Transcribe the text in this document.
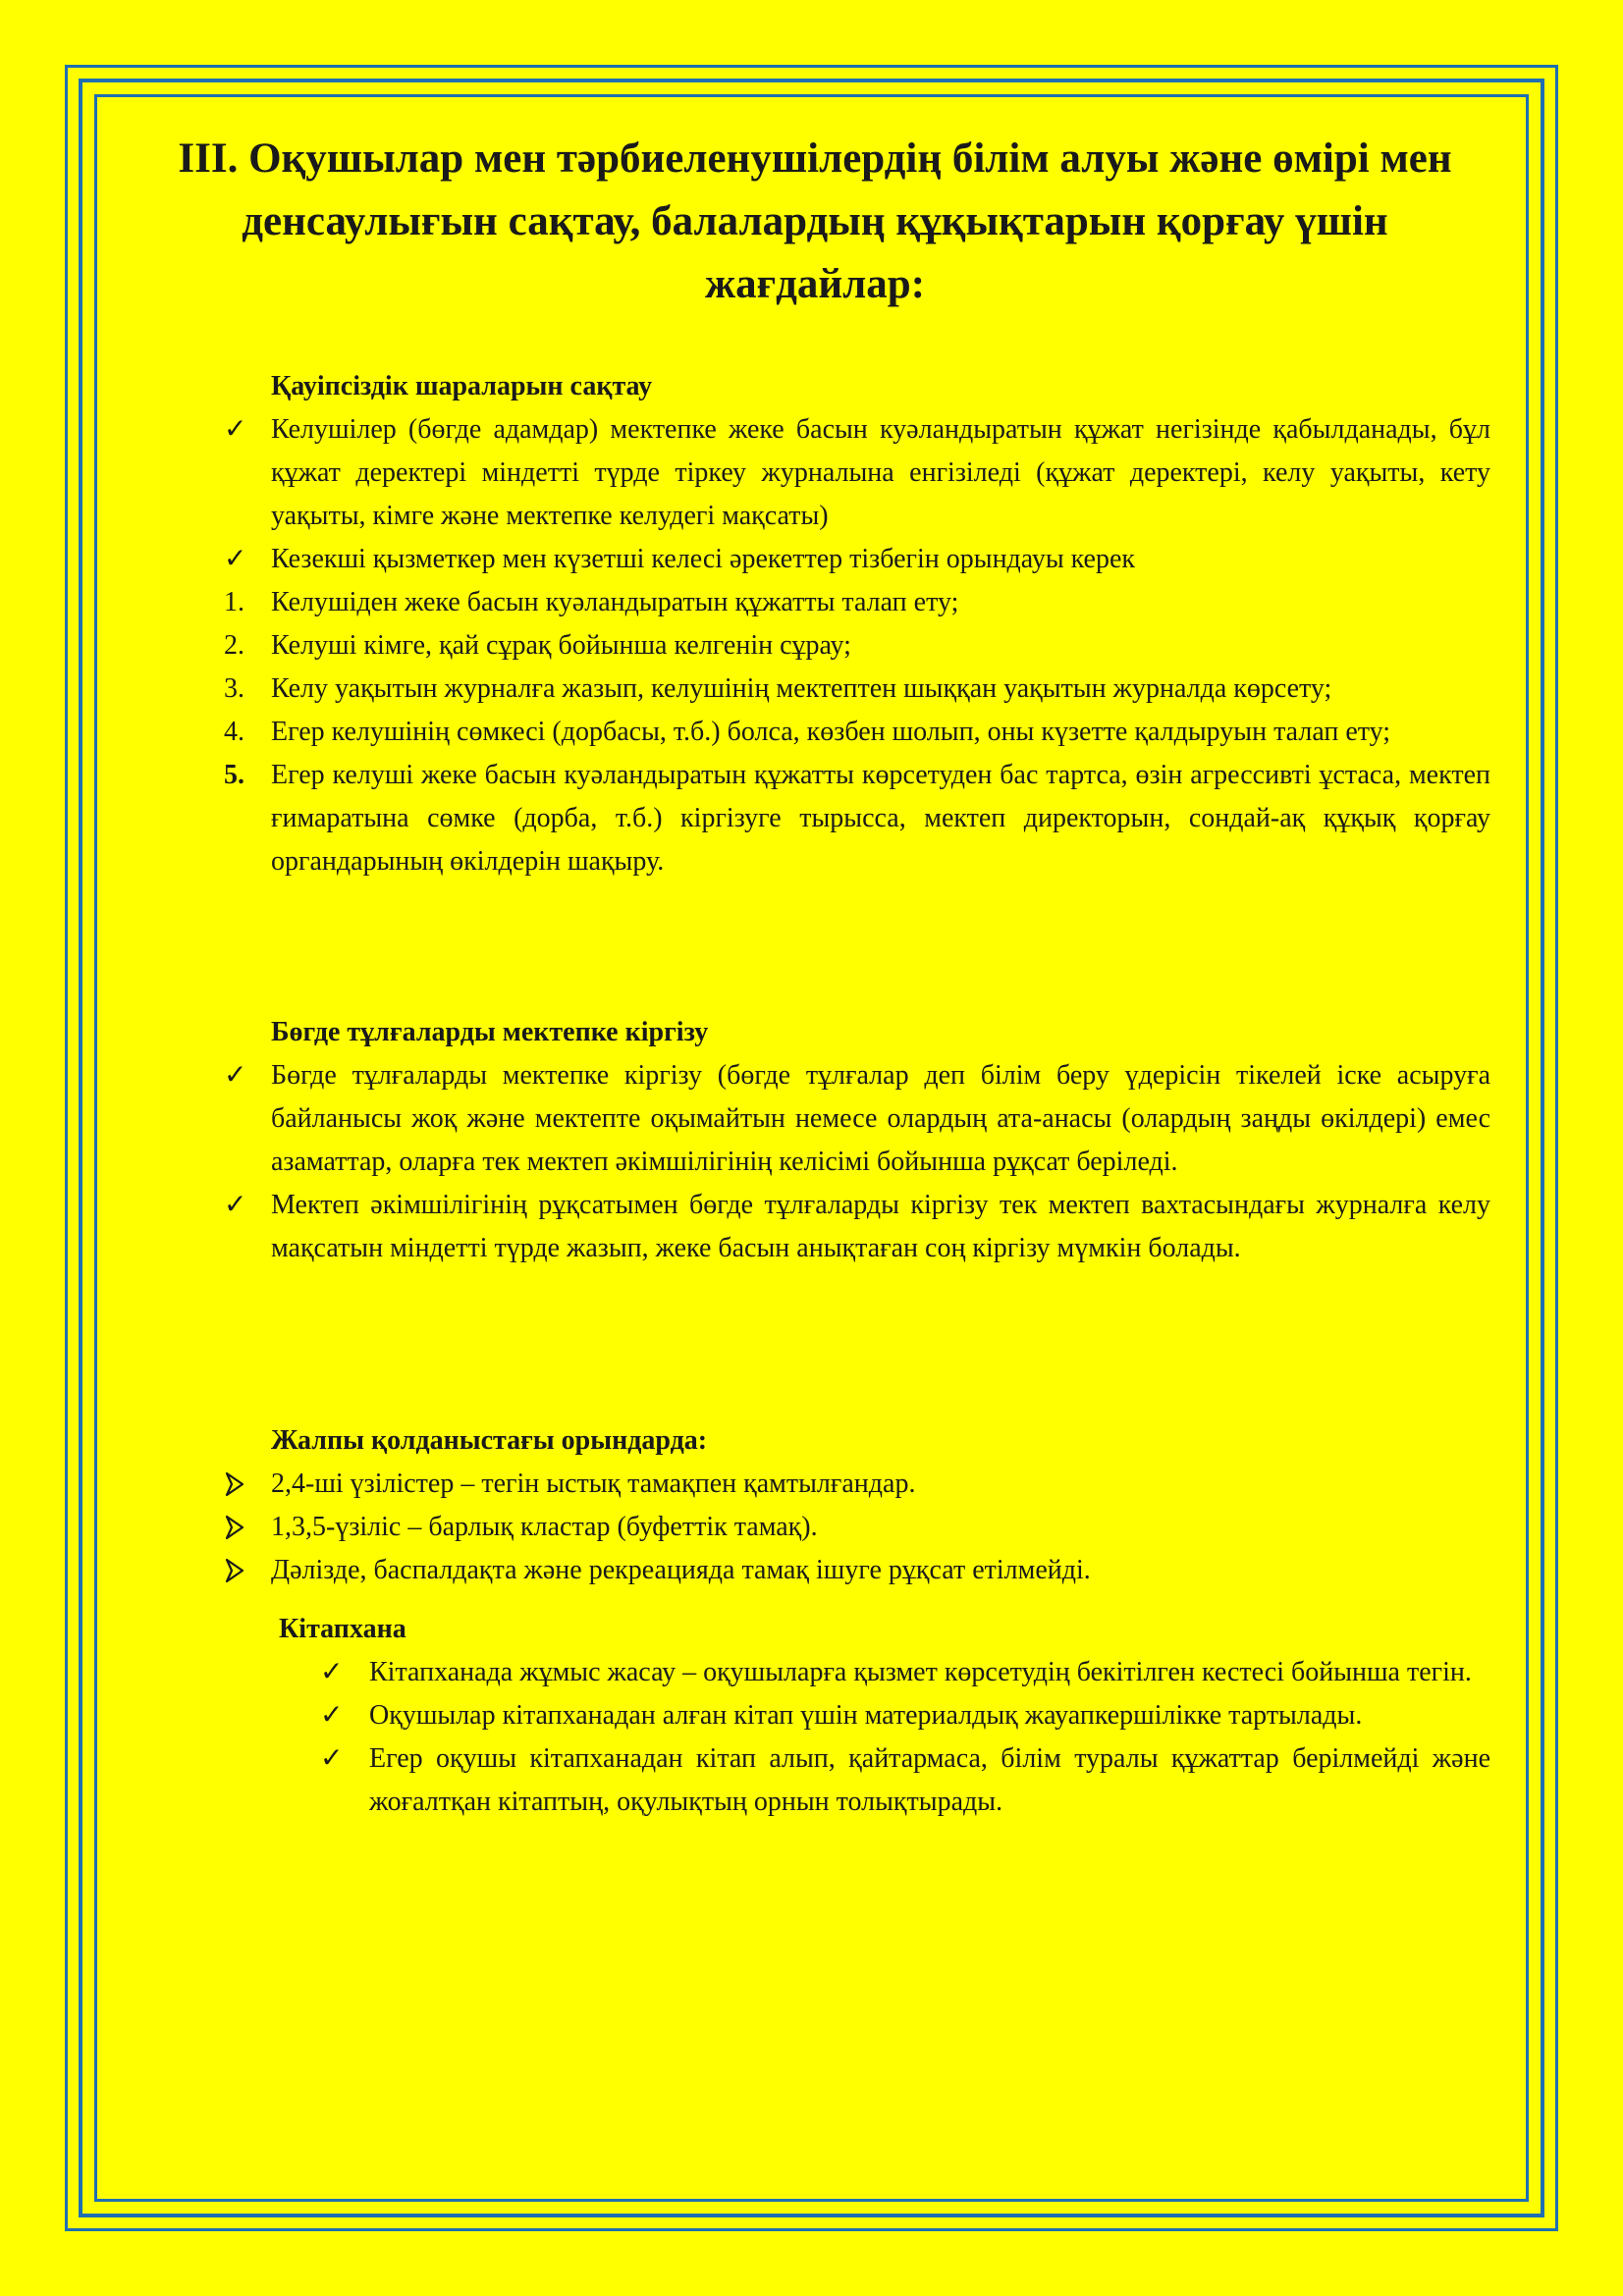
III. Оқушылар мен тәрбиеленушілердің білім алуы және өмірі мен денсаулығын сақтау, балалардың құқықтарын қорғау үшін жағдайлар:

Қауіпсіздік шараларын сақтау

✓ Келушілер (бөгде адамдар) мектепке жеке басын куәландыратын құжат негізінде қабылданады, бұл құжат деректері міндетті түрде тіркеу журналына енгізіледі (құжат деректері, келу уақыты, кету уақыты, кімге және мектепке келудегі мақсаты)

✓ Кезекші қызметкер мен күзетші келесі әрекеттер тізбегін орындауы керек

1. Келушіден жеке басын куәландыратын құжатты талап ету;

2. Келуші кімге, қай сұрақ бойынша келгенін сұрау;

3. Келу уақытын журналға жазып, келушінің мектептен шыққан уақытын журналда көрсету;

4. Егер келушінің сөмкесі (дорбасы, т.б.) болса, көзбен шолып, оны күзетте қалдыруын талап ету;

5. Егер келуші жеке басын куәландыратын құжатты көрсетуден бас тартса, өзін агрессивті ұстаса, мектеп ғимаратына сөмке (дорба, т.б.) кіргізуге тырысса, мектеп директорын, сондай-ақ құқық қорғау органдарының өкілдерін шақыру.

Бөгде тұлғаларды мектепке кіргізу

✓ Бөгде тұлғаларды мектепке кіргізу (бөгде тұлғалар деп білім беру үдерісін тікелей іске асыруға байланысы жоқ және мектепте оқымайтын немесе олардың ата-анасы (олардың заңды өкілдері) емес азаматтар, оларға тек мектеп әкімшілігінің келісімі бойынша рұқсат беріледі.

✓ Мектеп әкімшілігінің рұқсатымен бөгде тұлғаларды кіргізу тек мектеп вахтасындағы журналға келу мақсатын міндетті түрде жазып, жеке басын анықтаған соң кіргізу мүмкін болады.

Жалпы қолданыстағы орындарда:

2,4-ші үзілістер – тегін ыстық тамақпен қамтылғандар.

1,3,5-үзіліс – барлық кластар (буфеттік тамақ).

Дәлізде, баспалдақта және рекреацияда тамақ ішуге рұқсат етілмейді.

Кітапхана

✓ Кітапханада жұмыс жасау – оқушыларға қызмет көрсетудің бекітілген кестесі бойынша тегін.

✓ Оқушылар кітапханадан алған кітап үшін материалдық жауапкершілікке тартылады.

✓ Егер оқушы кітапханадан кітап алып, қайтармаса, білім туралы құжаттар берілмейді және жоғалтқан кітаптың, оқулықтың орнын толықтырады.
